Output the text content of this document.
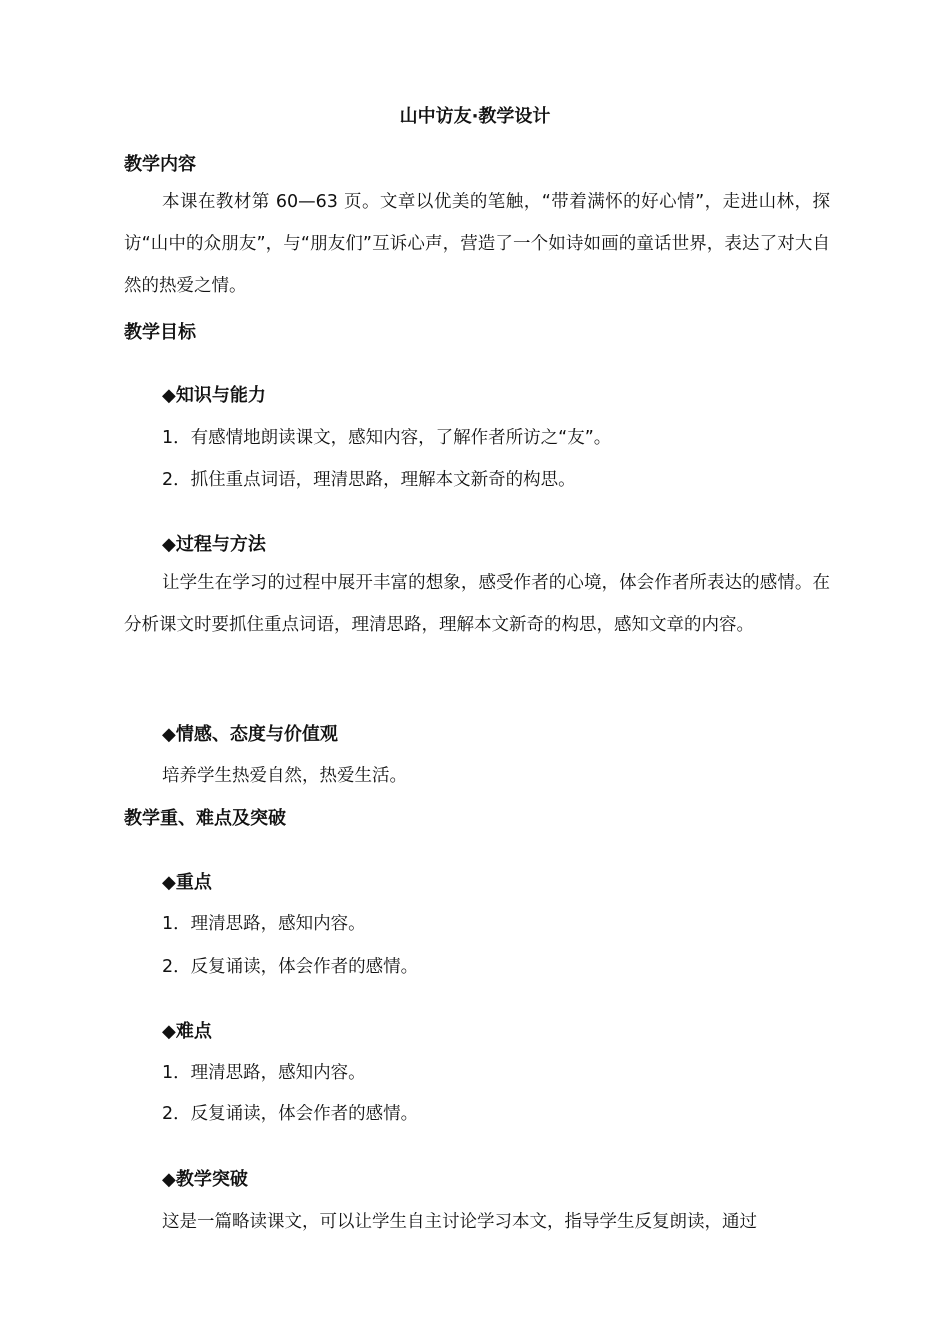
山中访友·教学设计
教学内容
本课在教材第 60—63 页。文章以优美的笔触，“带着满怀的好心情”，走进山林，探访“山中的众朋友”，与“朋友们”互诉心声，营造了一个如诗如画的童话世界，表达了对大自然的热爱之情。
教学目标
◆知识与能力
1．有感情地朗读课文，感知内容，了解作者所访之“友”。
2．抓住重点词语，理清思路，理解本文新奇的构思。
◆过程与方法
让学生在学习的过程中展开丰富的想象，感受作者的心境，体会作者所表达的感情。在分析课文时要抓住重点词语，理清思路，理解本文新奇的构思，感知文章的内容。
◆情感、态度与价值观
培养学生热爱自然，热爱生活。
教学重、难点及突破
◆重点
1．理清思路，感知内容。
2．反复诵读，体会作者的感情。
◆难点
1．理清思路，感知内容。
2．反复诵读，体会作者的感情。
◆教学突破
这是一篇略读课文，可以让学生自主讨论学习本文，指导学生反复朗读，通过
